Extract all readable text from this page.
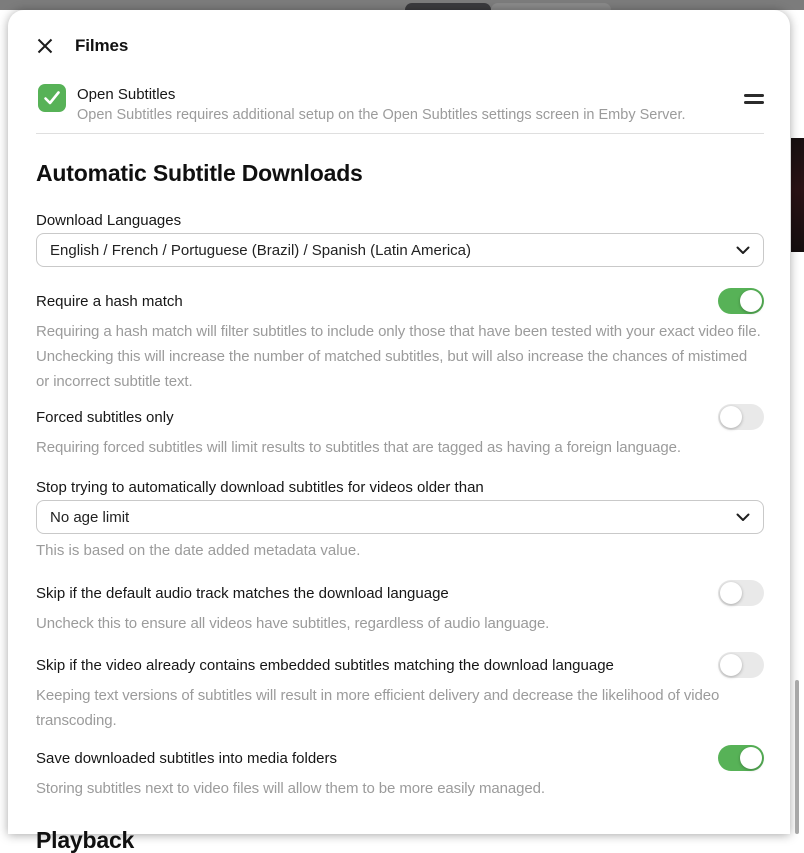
Filmes
Open Subtitles
Open Subtitles requires additional setup on the Open Subtitles settings screen in Emby Server.
Automatic Subtitle Downloads
Download Languages
English / French / Portuguese (Brazil) / Spanish (Latin America)
Require a hash match
Requiring a hash match will filter subtitles to include only those that have been tested with your exact video file. Unchecking this will increase the number of matched subtitles, but will also increase the chances of mistimed or incorrect subtitle text.
Forced subtitles only
Requiring forced subtitles will limit results to subtitles that are tagged as having a foreign language.
Stop trying to automatically download subtitles for videos older than
No age limit
This is based on the date added metadata value.
Skip if the default audio track matches the download language
Uncheck this to ensure all videos have subtitles, regardless of audio language.
Skip if the video already contains embedded subtitles matching the download language
Keeping text versions of subtitles will result in more efficient delivery and decrease the likelihood of video transcoding.
Save downloaded subtitles into media folders
Storing subtitles next to video files will allow them to be more easily managed.
Playback
